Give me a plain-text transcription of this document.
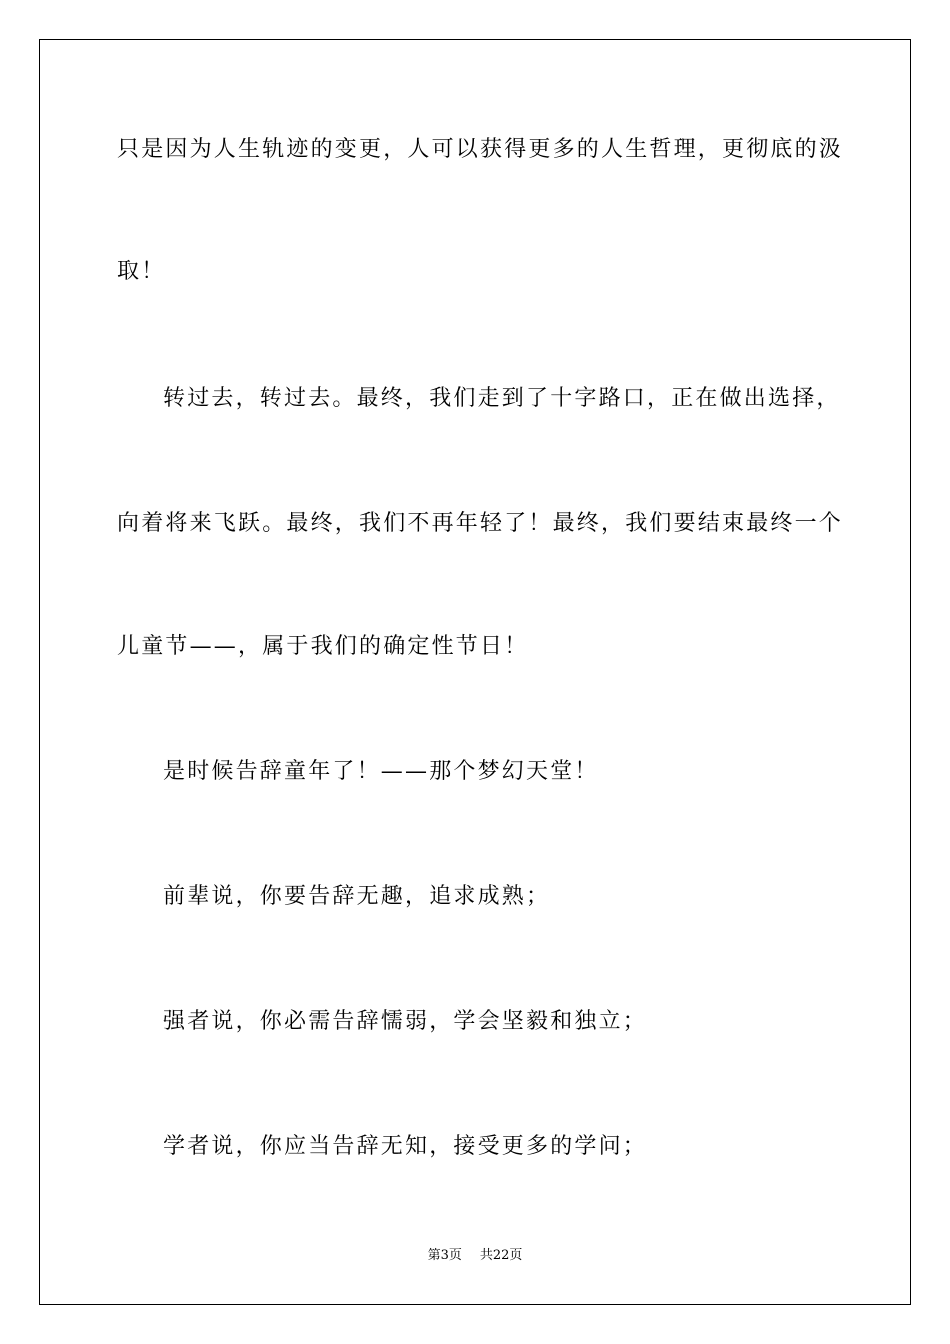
只是因为人生轨迹的变更，人可以获得更多的人生哲理，更彻底的汲
取！
转过去，转过去。最终，我们走到了十字路口，正在做出选择，
向着将来飞跃。最终，我们不再年轻了！最终，我们要结束最终一个
儿童节——，属于我们的确定性节日！
是时候告辞童年了！——那个梦幻天堂！
前辈说，你要告辞无趣，追求成熟；
强者说，你必需告辞懦弱，学会坚毅和独立；
学者说，你应当告辞无知，接受更多的学问；
第3页 共22页
